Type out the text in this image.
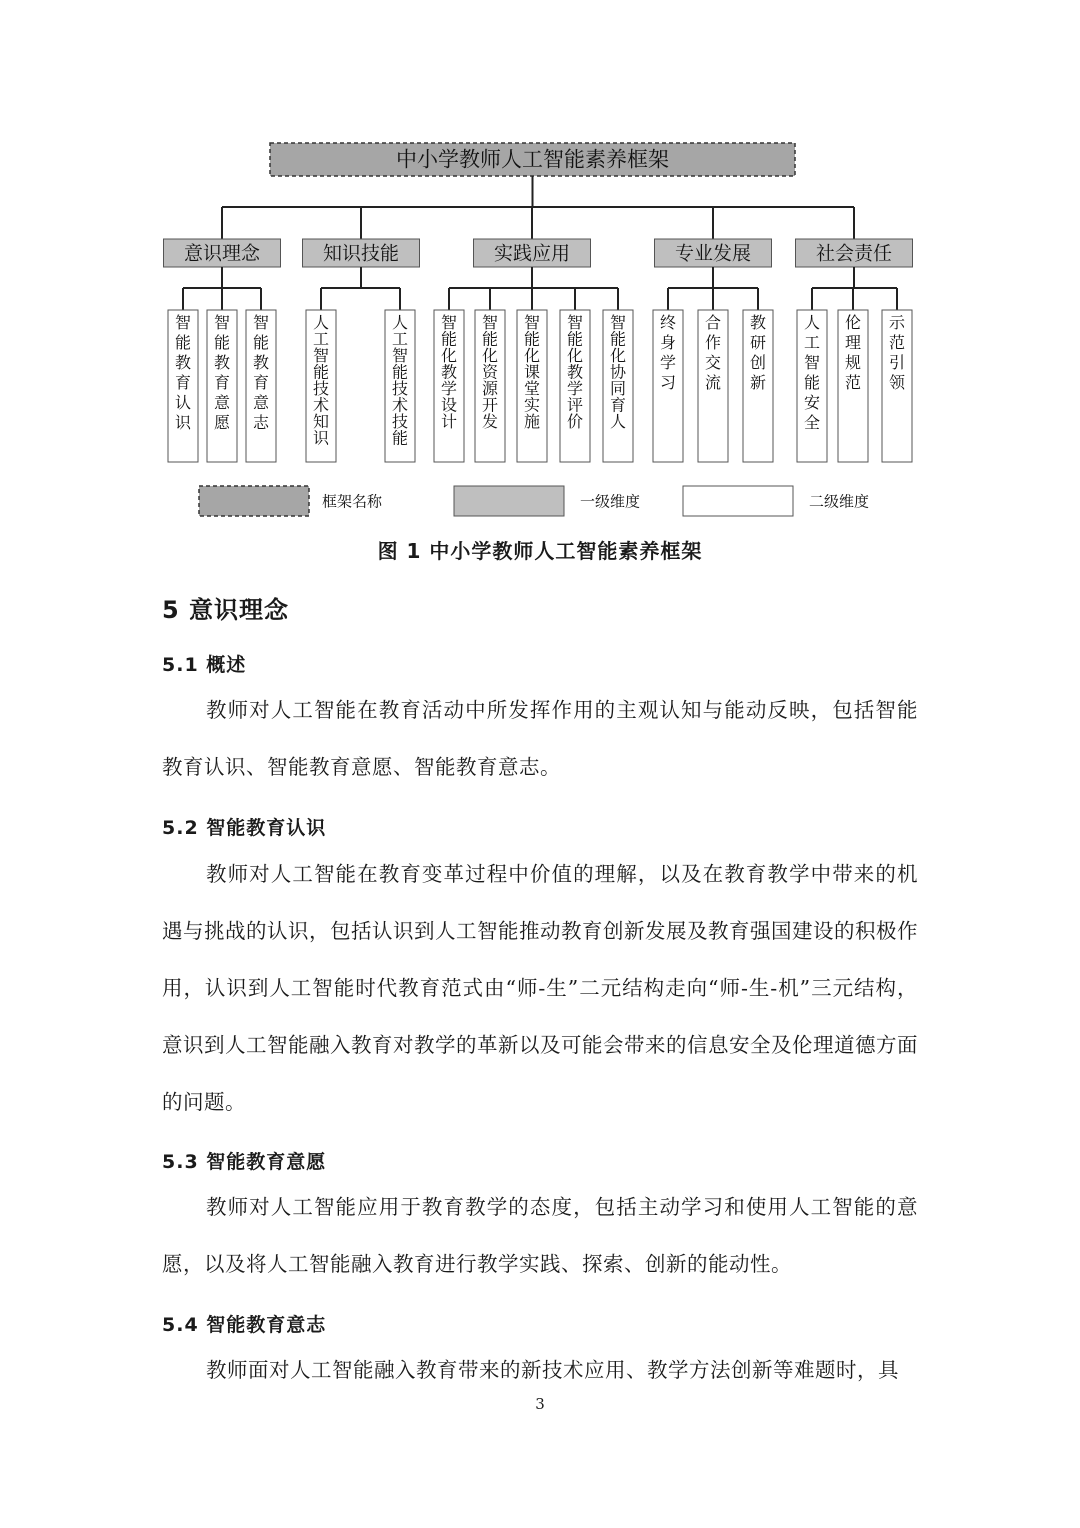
中小学教师人工智能素养框架
意识理念
智能教育认识
智能教育意愿
智能教育意志
知识技能
人工智能技术知识
人工智能技术技能
实践应用
智能化教学设计
智能化资源开发
智能化课堂实施
智能化教学评价
智能化协同育人
专业发展
终身学习
合作交流
教研创新
社会责任
人工智能安全
伦理规范
示范引领
框架名称	一级维度	二级维度
图 1 中小学教师人工智能素养框架
5 意识理念
5.1 概述
教师对人工智能在教育活动中所发挥作用的主观认知与能动反映，包括智能教育认识、智能教育意愿、智能教育意志。
5.2 智能教育认识
教师对人工智能在教育变革过程中价值的理解，以及在教育教学中带来的机遇与挑战的认识，包括认识到人工智能推动教育创新发展及教育强国建设的积极作用，认识到人工智能时代教育范式由“师-生”二元结构走向“师-生-机”三元结构，意识到人工智能融入教育对教学的革新以及可能会带来的信息安全及伦理道德方面的问题。
5.3 智能教育意愿
教师对人工智能应用于教育教学的态度，包括主动学习和使用人工智能的意愿，以及将人工智能融入教育进行教学实践、探索、创新的能动性。
5.4 智能教育意志
教师面对人工智能融入教育带来的新技术应用、教学方法创新等难题时，具
3
